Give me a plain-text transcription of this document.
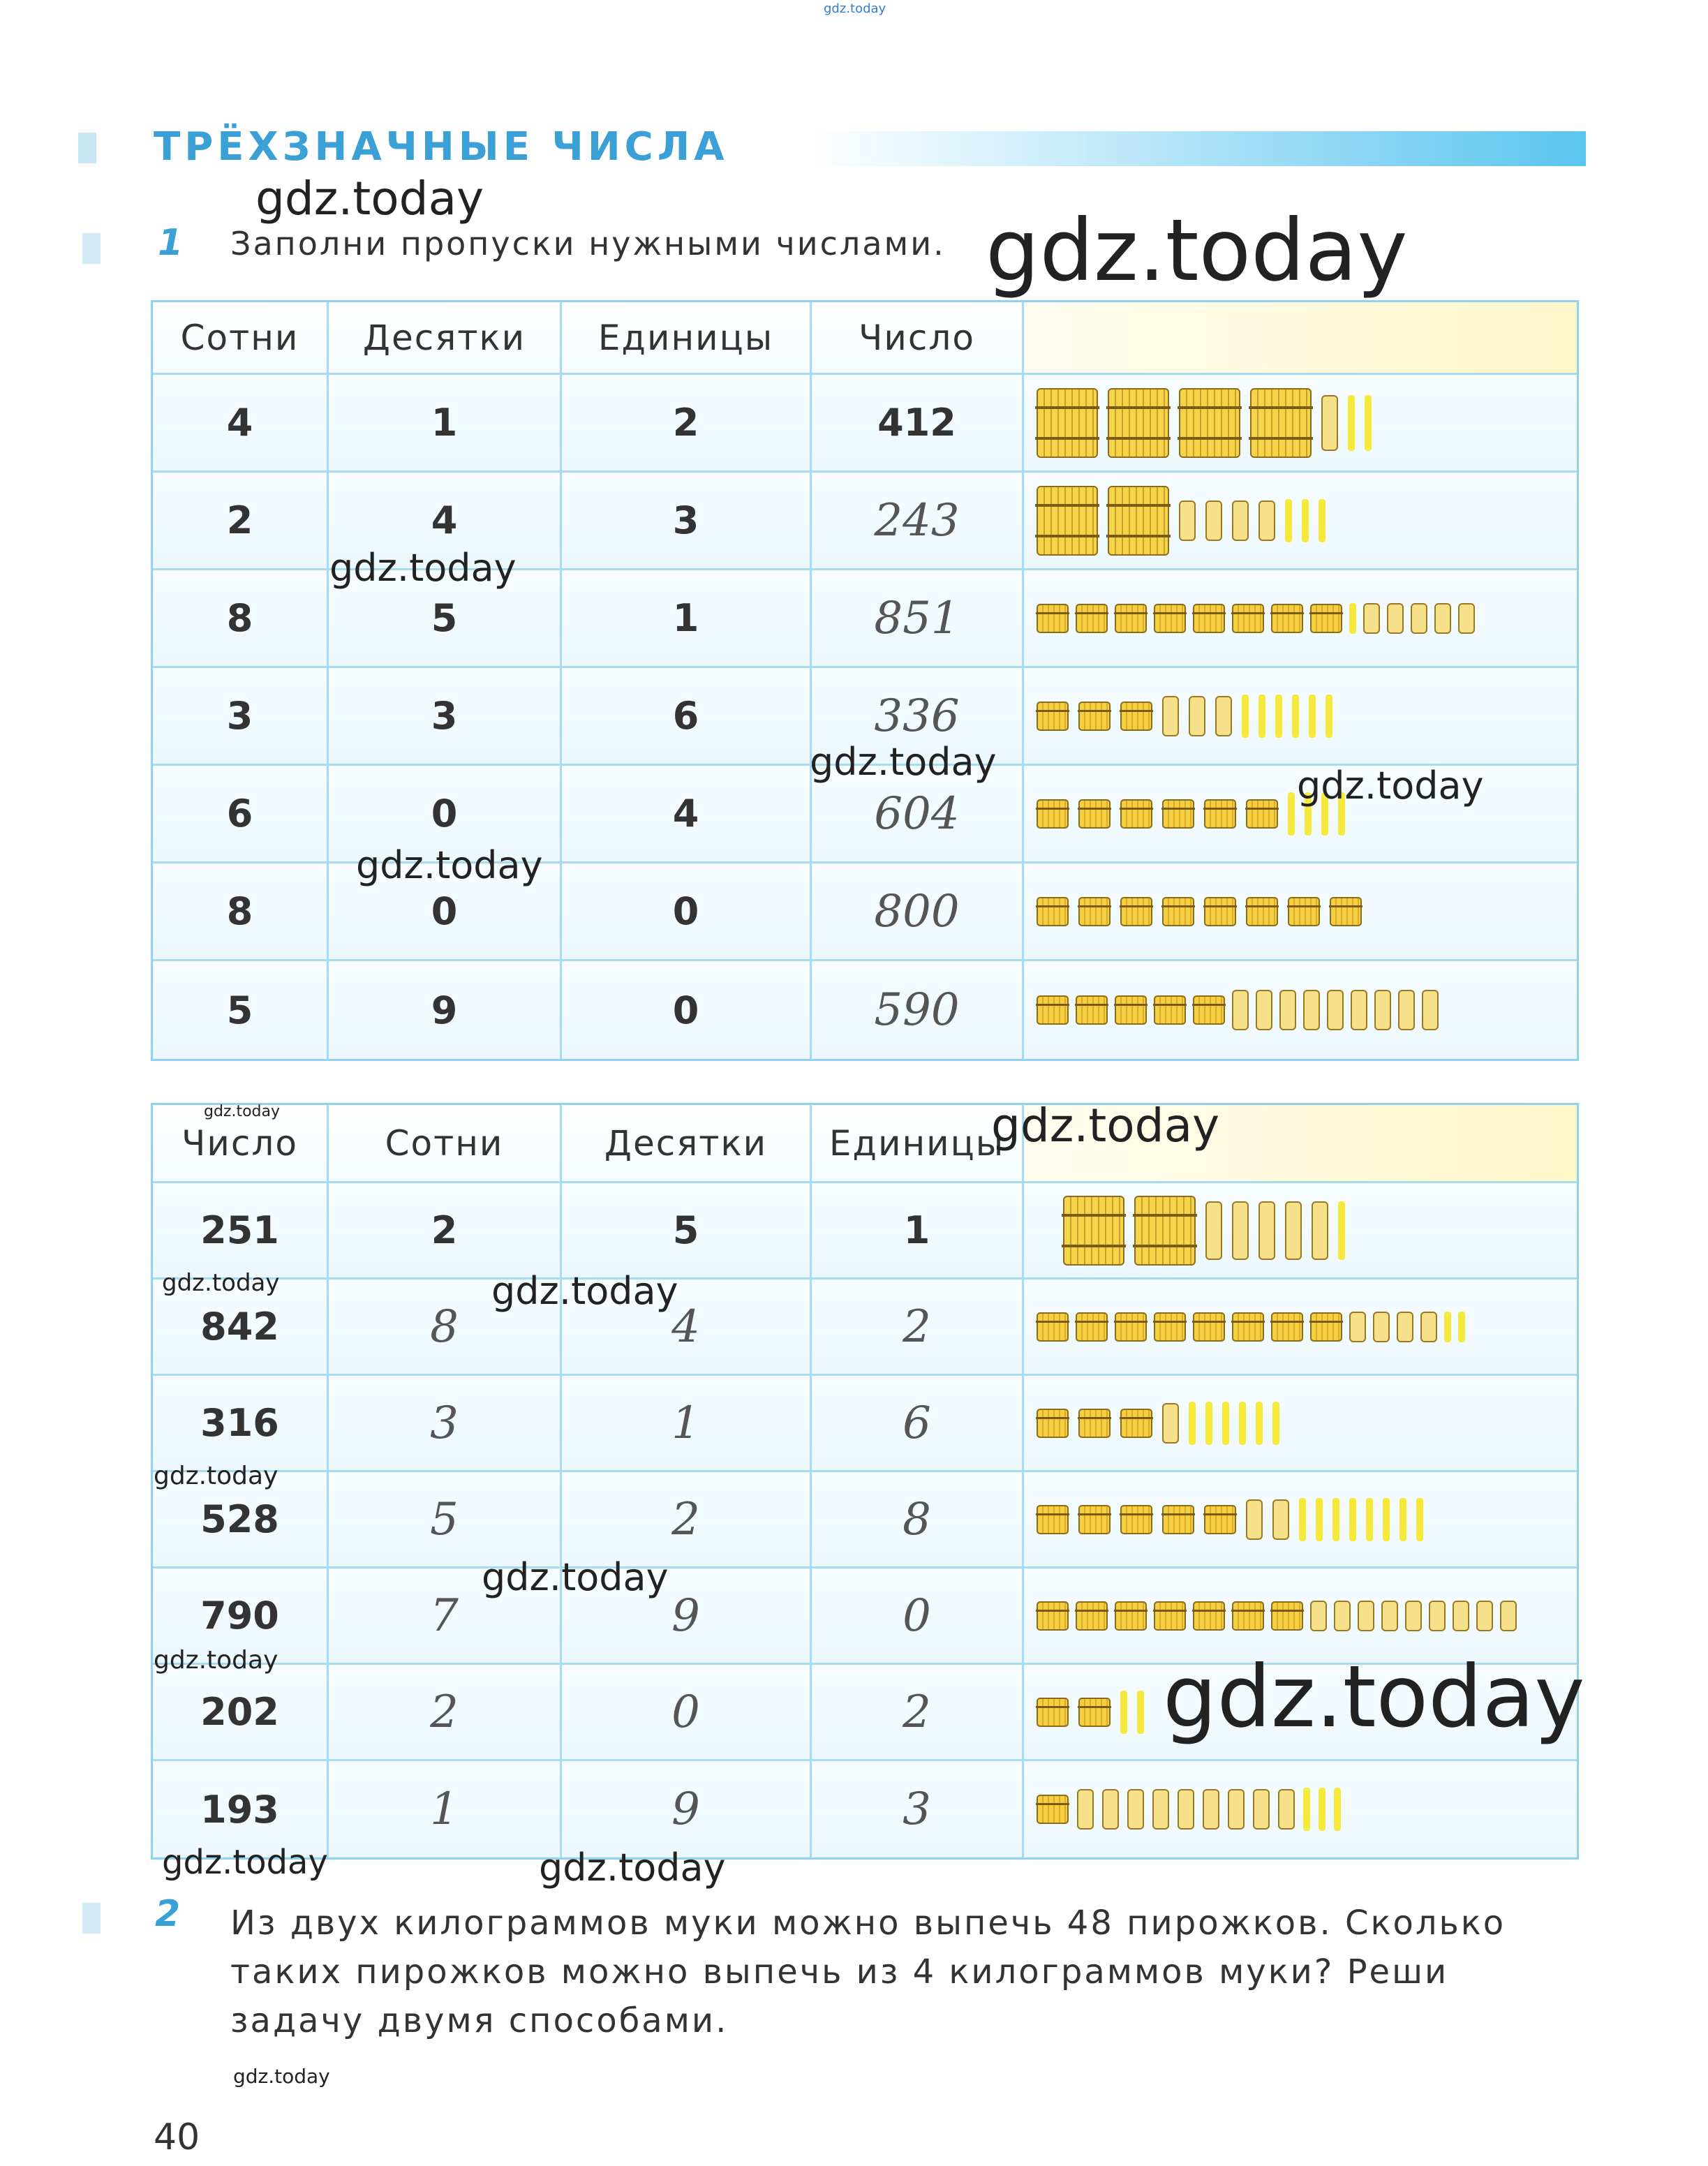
gdz.today
ТРЁХЗНАЧНЫЕ ЧИСЛА
1 Заполни пропуски нужными числами.
Сотни	Десятки	Единицы	Число
4	1	2	412
2	4	3	243
8	5	1	851
3	3	6	336
6	0	4	604
8	0	0	800
5	9	0	590
Число	Сотни	Десятки	Единицы
251	2	5	1
842	8	4	2
316	3	1	6
528	5	2	8
790	7	9	0
202	2	0	2
193	1	9	3
2 Из двух килограммов муки можно выпечь 48 пирожков. Сколько таких пирожков можно выпечь из 4 килограммов муки? Реши задачу двумя способами.
40
gdz.today
gdz.today
gdz.today
gdz.today
gdz.today
gdz.today
gdz.today	gdz.today
gdz.today	gdz.today
gdz.today
gdz.today
gdz.today	gdz.today
gdz.today	gdz.today
gdz.today
